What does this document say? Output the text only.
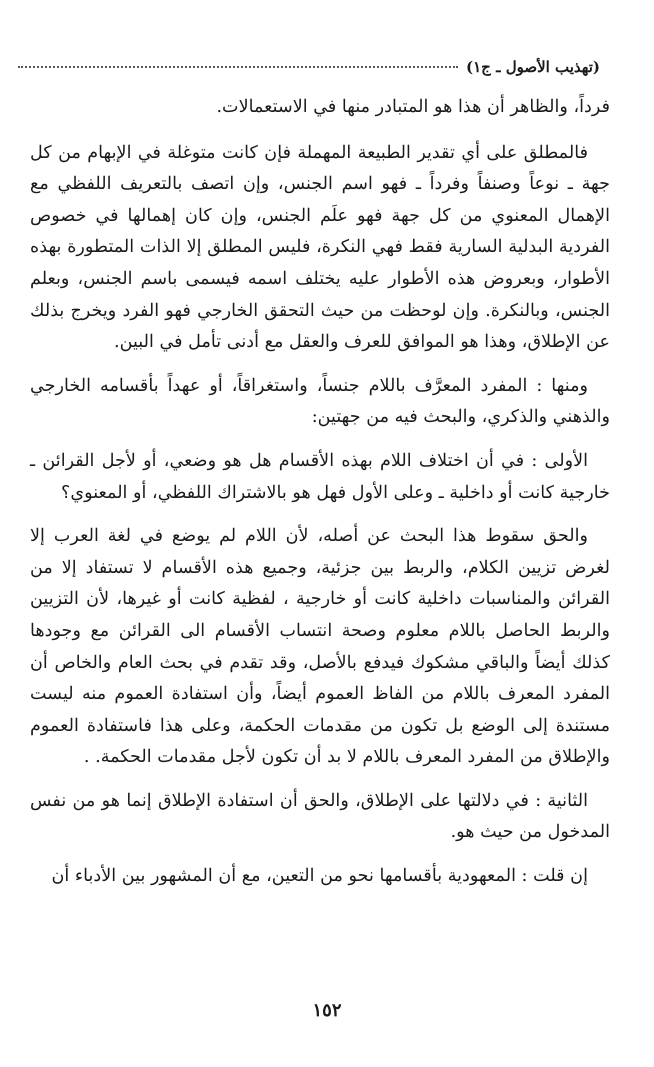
(تهذيب الأصول ـ ج١)

فرداً، والظاهر أن هذا هو المتبادر منها في الاستعمالات.

فالمطلق على أي تقدير الطبيعة المهملة فإن كانت متوغلة في الإبهام من كل جهة ـ نوعاً وصنفاً وفرداً ـ فهو اسم الجنس، وإن اتصف بالتعريف اللفظي مع الإهمال المعنوي من كل جهة فهو علَم الجنس، وإن كان إهمالها في خصوص الفردية البدلية السارية فقط فهي النكرة، فليس المطلق إلا الذات المتطورة بهذه الأطوار، وبعروض هذه الأطوار عليه يختلف اسمه فيسمى باسم الجنس، وبعلم الجنس، وبالنكرة. وإن لوحظت من حيث التحقق الخارجي فهو الفرد ويخرج بذلك عن الإطلاق، وهذا هو الموافق للعرف والعقل مع أدنى تأمل في البين.

ومنها : المفرد المعرَّف باللام جنساً، واستغراقاً، أو عهداً بأقسامه الخارجي والذهني والذكري، والبحث فيه من جهتين:

الأولى : في أن اختلاف اللام بهذه الأقسام هل هو وضعي، أو لأجل القرائن ـ خارجية كانت أو داخلية ـ وعلى الأول فهل هو بالاشتراك اللفظي، أو المعنوي؟

والحق سقوط هذا البحث عن أصله، لأن اللام لم يوضع في لغة العرب إلا لغرض تزيين الكلام، والربط بين جزئية، وجميع هذه الأقسام لا تستفاد إلا من القرائن والمناسبات داخلية كانت أو خارجية ، لفظية كانت أو غيرها، لأن التزيين والربط الحاصل باللام معلوم وصحة انتساب الأقسام الى القرائن مع وجودها كذلك أيضاً والباقي مشكوك فيدفع بالأصل، وقد تقدم في بحث العام والخاص أن المفرد المعرف باللام من الفاظ العموم أيضاً، وأن استفادة العموم منه ليست مستندة إلى الوضع بل تكون من مقدمات الحكمة، وعلى هذا فاستفادة العموم والإطلاق من المفرد المعرف باللام لا بد أن تكون لأجل مقدمات الحكمة. .

الثانية : في دلالتها على الإطلاق، والحق أن استفادة الإطلاق إنما هو من نفس المدخول من حيث هو.

إن قلت : المعهودية بأقسامها نحو من التعين، مع أن المشهور بين الأدباء أن

١٥٢
